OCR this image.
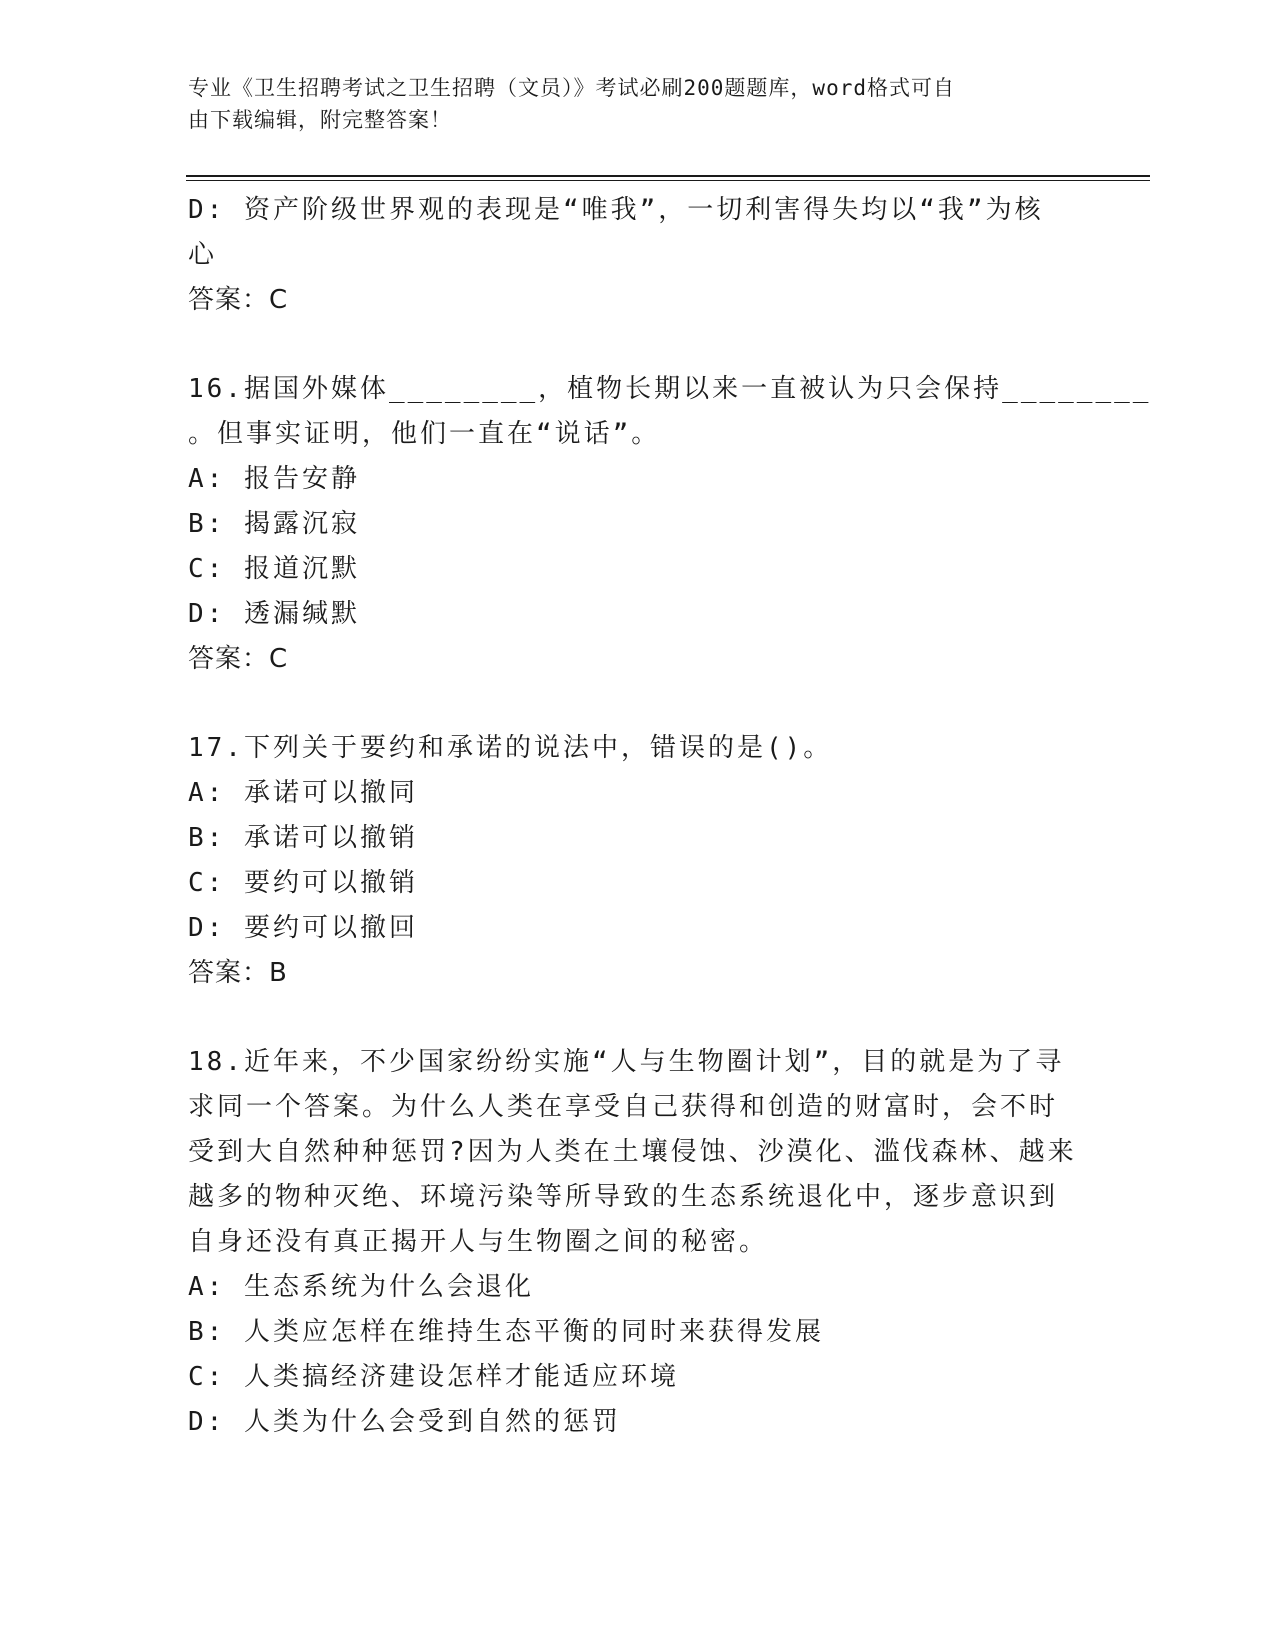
专业《卫生招聘考试之卫生招聘（文员）》考试必刷200题题库，word格式可自
由下载编辑，附完整答案！
D: 资产阶级世界观的表现是“唯我”，一切利害得失均以“我”为核
心
答案：C
16.据国外媒体________，植物长期以来一直被认为只会保持________
。但事实证明，他们一直在“说话”。
A: 报告安静
B: 揭露沉寂
C: 报道沉默
D: 透漏缄默
答案：C
17.下列关于要约和承诺的说法中，错误的是()。
A: 承诺可以撤同
B: 承诺可以撤销
C: 要约可以撤销
D: 要约可以撤回
答案：B
18.近年来，不少国家纷纷实施“人与生物圈计划”，目的就是为了寻
求同一个答案。为什么人类在享受自己获得和创造的财富时，会不时
受到大自然种种惩罚?因为人类在土壤侵蚀、沙漠化、滥伐森林、越来
越多的物种灭绝、环境污染等所导致的生态系统退化中，逐步意识到
自身还没有真正揭开人与生物圈之间的秘密。
A: 生态系统为什么会退化
B: 人类应怎样在维持生态平衡的同时来获得发展
C: 人类搞经济建设怎样才能适应环境
D: 人类为什么会受到自然的惩罚
